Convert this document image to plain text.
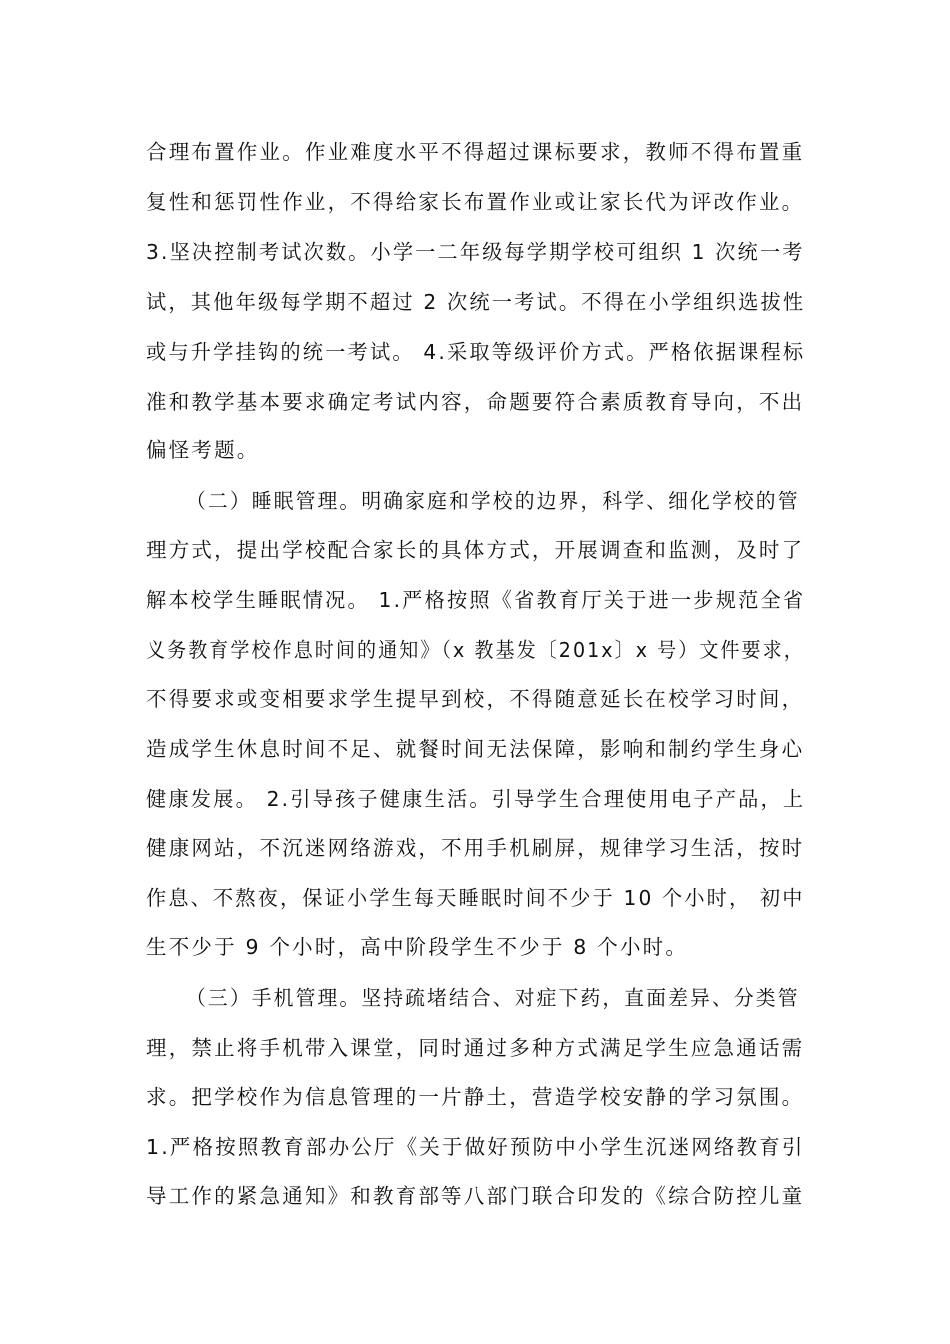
合理布置作业。作业难度水平不得超过课标要求，教师不得布置重
复性和惩罚性作业，不得给家长布置作业或让家长代为评改作业。
3.坚决控制考试次数。小学一二年级每学期学校可组织 1 次统一考
试，其他年级每学期不超过 2 次统一考试。不得在小学组织选拔性
或与升学挂钩的统一考试。 4.采取等级评价方式。严格依据课程标
准和教学基本要求确定考试内容，命题要符合素质教育导向，不出
偏怪考题。
（二）睡眠管理。明确家庭和学校的边界，科学、细化学校的管
理方式，提出学校配合家长的具体方式，开展调查和监测，及时了
解本校学生睡眠情况。 1.严格按照《省教育厅关于进一步规范全省
义务教育学校作息时间的通知》（x 教基发〔201x〕x 号）文件要求，
不得要求或变相要求学生提早到校，不得随意延长在校学习时间，
造成学生休息时间不足、就餐时间无法保障，影响和制约学生身心
健康发展。 2.引导孩子健康生活。引导学生合理使用电子产品，上
健康网站，不沉迷网络游戏，不用手机刷屏，规律学习生活，按时
作息、不熬夜，保证小学生每天睡眠时间不少于 10 个小时， 初中
生不少于 9 个小时，高中阶段学生不少于 8 个小时。
（三）手机管理。坚持疏堵结合、对症下药，直面差异、分类管
理，禁止将手机带入课堂，同时通过多种方式满足学生应急通话需
求。把学校作为信息管理的一片静土，营造学校安静的学习氛围。
1.严格按照教育部办公厅《关于做好预防中小学生沉迷网络教育引
导工作的紧急通知》和教育部等八部门联合印发的《综合防控儿童
